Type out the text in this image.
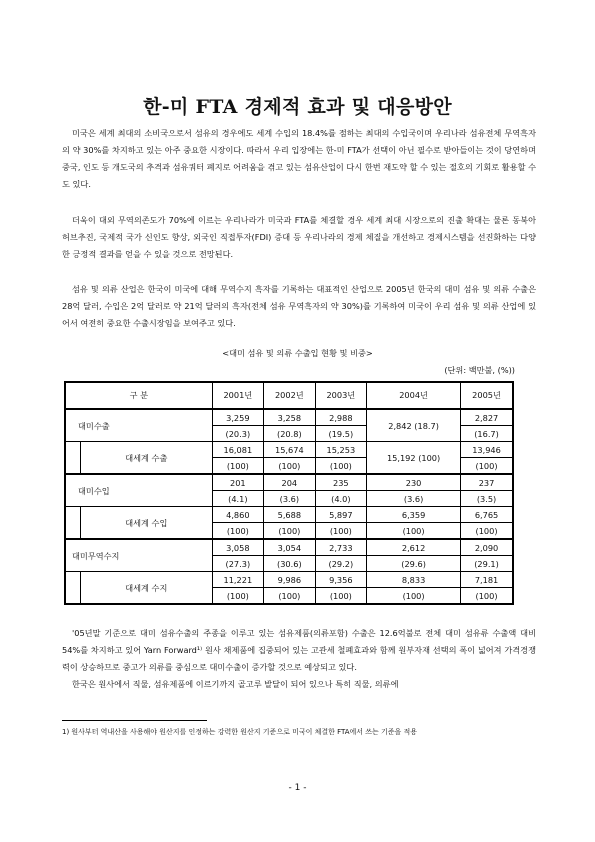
한-미 FTA 경제적 효과 및 대응방안

미국은 세계 최대의 소비국으로서 섬유의 경우에도 세계 수입의 18.4%를 점하는 최대의 수입국이며 우리나라 섬유전체 무역흑자의 약 30%를 차지하고 있는 아주 중요한 시장이다. 따라서 우리 입장에는 한-미 FTA가 선택이 아닌 필수로 받아들이는 것이 당연하며 중국, 인도 등 개도국의 추격과 섬유쿼터 폐지로 어려움을 겪고 있는 섬유산업이 다시 한번 재도약 할 수 있는 절호의 기회로 활용할 수도 있다.

더욱이 대외 무역의존도가 70%에 이르는 우리나라가 미국과 FTA를 체결할 경우 세계 최대 시장으로의 진출 확대는 물론 동북아 허브추진, 국제적 국가 신인도 향상, 외국인 직접투자(FDI) 증대 등 우리나라의 경제 체질을 개선하고 경제시스템을 선진화하는 다양한 긍정적 결과를 얻을 수 있을 것으로 전망된다.

섬유 및 의류 산업은 한국이 미국에 대해 무역수지 흑자를 기록하는 대표적인 산업으로 2005년 한국의 대미 섬유 및 의류 수출은 28억 달러, 수입은 2억 달러로 약 21억 달러의 흑자(전체 섬유 무역흑자의 약 30%)를 기록하여 미국이 우리 섬유 및 의류 산업에 있어서 여전히 중요한 수출시장임을 보여주고 있다.

<대미 섬유 및 의류 수출입 현황 및 비중>
(단위: 백만불, (%))
구 분		2001년	2002년	2003년	2004년	2005년
대미수출		3,259	3,258	2,988	2,842 (18.7)	2,827
		(20.3)	(20.8)	(19.5)		(16.7)
	대세계 수출	16,081	15,674	15,253	15,192 (100)	13,946
		(100)	(100)	(100)		(100)
대미수입		201	204	235	230	237
		(4.1)	(3.6)	(4.0)	(3.6)	(3.5)
	대세계 수입	4,860	5,688	5,897	6,359	6,765
		(100)	(100)	(100)	(100)	(100)
대미무역수지		3,058	3,054	2,733	2,612	2,090
		(27.3)	(30.6)	(29.2)	(29.6)	(29.1)
	대세계 수지	11,221	9,986	9,356	8,833	7,181
		(100)	(100)	(100)	(100)	(100)

'05년말 기준으로 대미 섬유수출의 주종을 이루고 있는 섬유제품(의류포함) 수출은 12.6억불로 전체 대미 섬유류 수출액 대비 54%를 차지하고 있어 Yarn Forward¹⁾ 원사 채제품에 집중되어 있는 고관세 철폐효과와 함께 원부자재 선택의 폭이 넓어져 가격경쟁력이 상승하므로 중고가 의류를 중심으로 대미수출이 증가할 것으로 예상되고 있다.

한국은 원사에서 직물, 섬유제품에 이르기까지 골고루 발달이 되어 있으나 특히 직물, 의류에

1) 원사부터 역내산을 사용해야 원산지를 인정하는 강력한 원산지 기준으로 미국이 체결한 FTA에서 쓰는 기준을 적용
- 1 -
